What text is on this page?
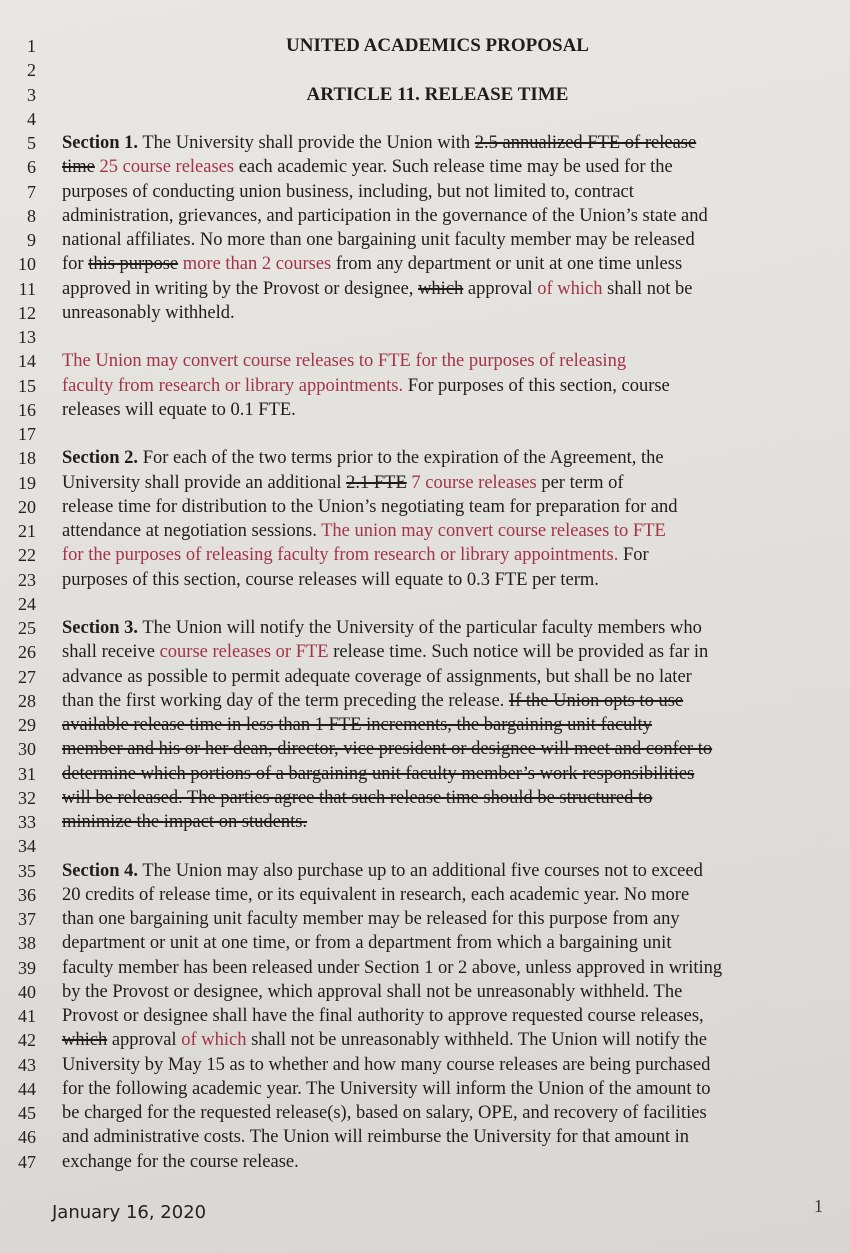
1	UNITED ACADEMICS PROPOSAL
2
3	ARTICLE 11. RELEASE TIME
4
5 Section 1. The University shall provide the Union with 2.5 annualized FTE of release
6 time 25 course releases each academic year. Such release time may be used for the
7 purposes of conducting union business, including, but not limited to, contract
8 administration, grievances, and participation in the governance of the Union’s state and
9 national affiliates. No more than one bargaining unit faculty member may be released
10 for this purpose more than 2 courses from any department or unit at one time unless
11 approved in writing by the Provost or designee, which approval of which shall not be
12 unreasonably withheld.
13
14 The Union may convert course releases to FTE for the purposes of releasing
15 faculty from research or library appointments. For purposes of this section, course
16 releases will equate to 0.1 FTE.
17
18 Section 2. For each of the two terms prior to the expiration of the Agreement, the
19 University shall provide an additional 2.1 FTE 7 course releases per term of
20 release time for distribution to the Union’s negotiating team for preparation for and
21 attendance at negotiation sessions. The union may convert course releases to FTE
22 for the purposes of releasing faculty from research or library appointments. For
23 purposes of this section, course releases will equate to 0.3 FTE per term.
24
25 Section 3. The Union will notify the University of the particular faculty members who
26 shall receive course releases or FTE release time. Such notice will be provided as far in
27 advance as possible to permit adequate coverage of assignments, but shall be no later
28 than the first working day of the term preceding the release. If the Union opts to use
29 available release time in less than 1 FTE increments, the bargaining unit faculty
30 member and his or her dean, director, vice president or designee will meet and confer to
31 determine which portions of a bargaining unit faculty member’s work responsibilities
32 will be released. The parties agree that such release time should be structured to
33 minimize the impact on students.
34
35 Section 4. The Union may also purchase up to an additional five courses not to exceed
36 20 credits of release time, or its equivalent in research, each academic year. No more
37 than one bargaining unit faculty member may be released for this purpose from any
38 department or unit at one time, or from a department from which a bargaining unit
39 faculty member has been released under Section 1 or 2 above, unless approved in writing
40 by the Provost or designee, which approval shall not be unreasonably withheld. The
41 Provost or designee shall have the final authority to approve requested course releases,
42 which approval of which shall not be unreasonably withheld. The Union will notify the
43 University by May 15 as to whether and how many course releases are being purchased
44 for the following academic year. The University will inform the Union of the amount to
45 be charged for the requested release(s), based on salary, OPE, and recovery of facilities
46 and administrative costs. The Union will reimburse the University for that amount in
47 exchange for the course release.
January 16, 2020	1
